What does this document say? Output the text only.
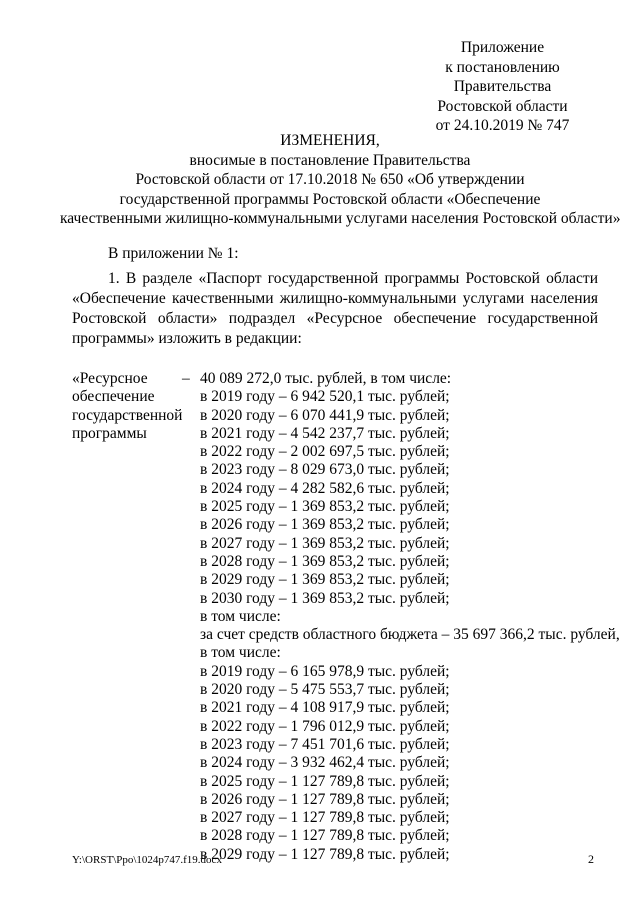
Приложение
к постановлению
Правительства
Ростовской области
от 24.10.2019 № 747
ИЗМЕНЕНИЯ,
вносимые в постановление Правительства
Ростовской области от 17.10.2018 № 650 «Об утверждении
государственной программы Ростовской области «Обеспечение
качественными жилищно-коммунальными услугами населения Ростовской области»
В приложении № 1:
1. В разделе «Паспорт государственной программы Ростовской области
«Обеспечение качественными жилищно-коммунальными услугами населения
Ростовской области» подраздел «Ресурсное обеспечение государственной
программы» изложить в редакции:
«Ресурсное
обеспечение
государственной
программы
– 40 089 272,0 тыс. рублей, в том числе:
в 2019 году – 6 942 520,1 тыс. рублей;
в 2020 году – 6 070 441,9 тыс. рублей;
в 2021 году – 4 542 237,7 тыс. рублей;
в 2022 году – 2 002 697,5 тыс. рублей;
в 2023 году – 8 029 673,0 тыс. рублей;
в 2024 году – 4 282 582,6 тыс. рублей;
в 2025 году – 1 369 853,2 тыс. рублей;
в 2026 году – 1 369 853,2 тыс. рублей;
в 2027 году – 1 369 853,2 тыс. рублей;
в 2028 году – 1 369 853,2 тыс. рублей;
в 2029 году – 1 369 853,2 тыс. рублей;
в 2030 году – 1 369 853,2 тыс. рублей;
в том числе:
за счет средств областного бюджета – 35 697 366,2 тыс. рублей,
в том числе:
в 2019 году – 6 165 978,9 тыс. рублей;
в 2020 году – 5 475 553,7 тыс. рублей;
в 2021 году – 4 108 917,9 тыс. рублей;
в 2022 году – 1 796 012,9 тыс. рублей;
в 2023 году – 7 451 701,6 тыс. рублей;
в 2024 году – 3 932 462,4 тыс. рублей;
в 2025 году – 1 127 789,8 тыс. рублей;
в 2026 году – 1 127 789,8 тыс. рублей;
в 2027 году – 1 127 789,8 тыс. рублей;
в 2028 году – 1 127 789,8 тыс. рублей;
в 2029 году – 1 127 789,8 тыс. рублей;
Y:\ORST\Ppo\1024p747.f19.docx	2
